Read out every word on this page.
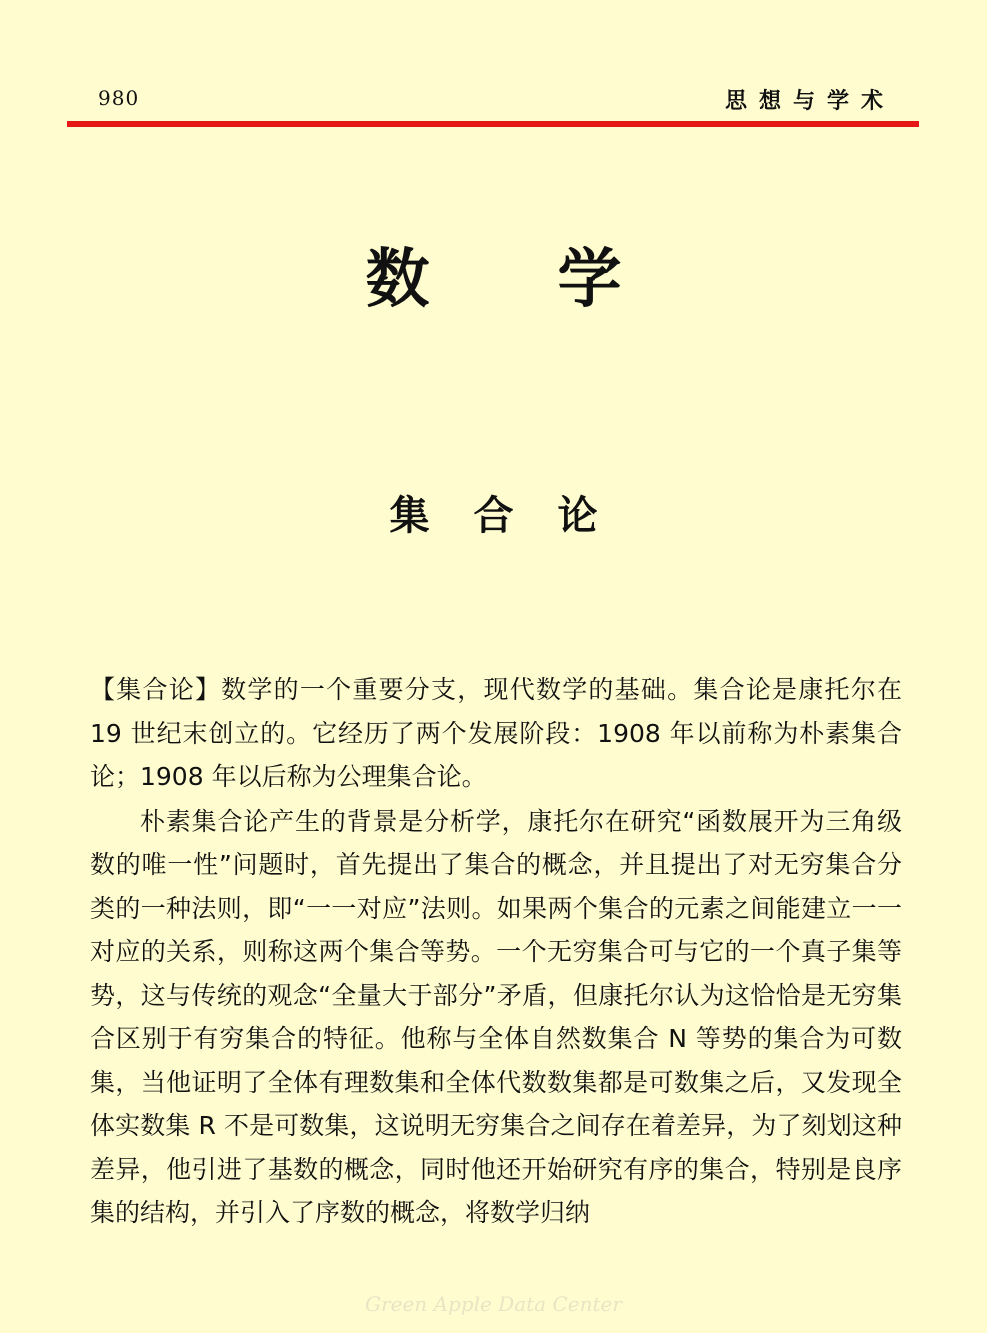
980	思想与学术
数学
集合论

【集合论】数学的一个重要分支，现代数学的基础。集合论是康托尔在 19 世纪末创立的。它经历了两个发展阶段：1908 年以前称为朴素集合论；1908 年以后称为公理集合论。

朴素集合论产生的背景是分析学，康托尔在研究“函数展开为三角级数的唯一性”问题时，首先提出了集合的概念，并且提出了对无穷集合分类的一种法则，即“一一对应”法则。如果两个集合的元素之间能建立一一对应的关系，则称这两个集合等势。一个无穷集合可与它的一个真子集等势，这与传统的观念“全量大于部分”矛盾，但康托尔认为这恰恰是无穷集合区别于有穷集合的特征。他称与全体自然数集合 N 等势的集合为可数集，当他证明了全体有理数集和全体代数数集都是可数集之后，又发现全体实数集 R 不是可数集，这说明无穷集合之间存在着差异，为了刻划这种差异，他引进了基数的概念，同时他还开始研究有序的集合，特别是良序集的结构，并引入了序数的概念，将数学归纳

Green Apple Data Center
